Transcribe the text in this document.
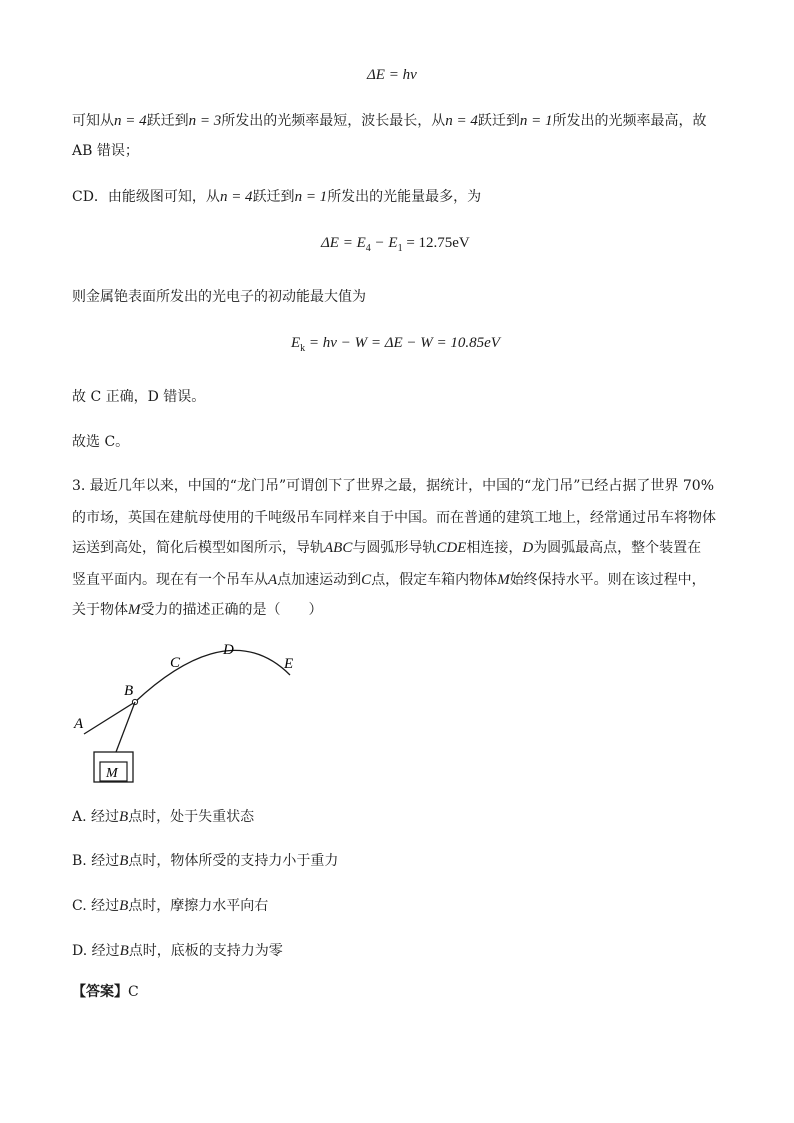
ΔE = hν
可知从n = 4跃迁到n = 3所发出的光频率最短，波长最长，从n = 4跃迁到n = 1所发出的光频率最高，故
AB 错误；
CD．由能级图可知，从n = 4跃迁到n = 1所发出的光能量最多，为
$\Delta E = E_4 - E_1 = 12.75eV$
则金属铯表面所发出的光电子的初动能最大值为
$E_k = h\nu - W = \Delta E - W = 10.85eV$
故 C 正确，D 错误。
故选 C。
3. 最近几年以来，中国的“龙门吊”可谓创下了世界之最，据统计，中国的“龙门吊”已经占据了世界 70%
的市场，英国在建航母使用的千吨级吊车同样来自于中国。而在普通的建筑工地上，经常通过吊车将物体
运送到高处，简化后模型如图所示，导轨ABC与圆弧形导轨CDE相连接，D为圆弧最高点，整个装置在
竖直平面内。现在有一个吊车从A点加速运动到C点，假定车箱内物体M始终保持水平。则在该过程中，
关于物体M受力的描述正确的是（　　）
A
B
C
D
E
M
A. 经过B点时，处于失重状态
B. 经过B点时，物体所受的支持力小于重力
C. 经过B点时，摩擦力水平向右
D. 经过B点时，底板的支持力为零
【答案】C
